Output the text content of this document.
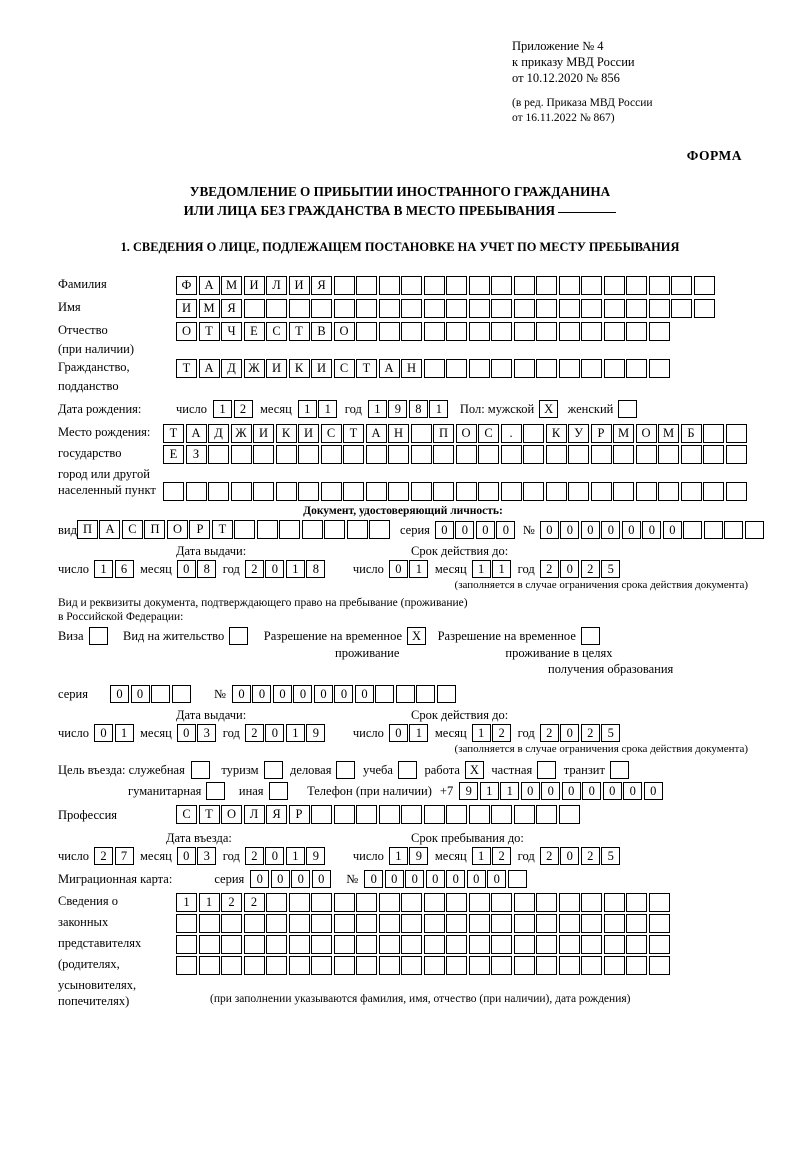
Приложение № 4
к приказу МВД России
от 10.12.2020 № 856
(в ред. Приказа МВД России
от 16.11.2022 № 867)
ФОРМА
УВЕДОМЛЕНИЕ О ПРИБЫТИИ ИНОСТРАННОГО ГРАЖДАНИНА
ИЛИ ЛИЦА БЕЗ ГРАЖДАНСТВА В МЕСТО ПРЕБЫВАНИЯ
1. СВЕДЕНИЯ О ЛИЦЕ, ПОДЛЕЖАЩЕМ ПОСТАНОВКЕ НА УЧЕТ ПО МЕСТУ ПРЕБЫВАНИЯ
Фамилия	Ф	А М И	Л	И	Я
Имя	И М	Я
Отчество	О	Т	Ч	Е	С	Т	В	О
(при наличии)
Гражданство,	Т	А	Д	Ж И	К	И	С	Т	А	Н
подданство
Дата рождения:	число 1	2	месяц 1	1	год 1	9	8	1	Пол: мужской X	женский
Место рождения:	Т	А	Д	Ж И	К	И	С	Т	А	Н	П	О	С	.	К	У	Р	М О М	Б
государство	Е	З
город или другой
населенный пункт
Документ, удостоверяющий личность:
вид П	А	С	П	О	Р	Т	серия 0	0	0	0	№ 0	0	0	0	0	0	0
Дата выдачи:	Срок действия до:
число 1	6	месяц 0	8	год 2	0	1	8	число 0	1	месяц 1	1	год 2	0	2	5
(заполняется в случае ограничения срока действия документа)
Вид и реквизиты документа, подтверждающего право на пребывание (проживание)
в Российской Федерации:
Виза	Вид на жительство	Разрешение на временное X	Разрешение на временное
проживание	проживание в целях
получения образования
серия	0	0	№ 0	0	0	0	0	0	0
Дата выдачи:	Срок действия до:
число 0	1	месяц 0	3	год 2	0	1	9	число 0	1	месяц 1	2	год 2	0	2	5
(заполняется в случае ограничения срока действия документа)
Цель въезда: служебная	туризм	деловая	учеба	работа X частная	транзит
гуманитарная	иная	Телефон (при наличии) +7 9	1	1	0	0	0	0	0	0	0
Профессия	С	Т	О	Л	Я	Р
Дата въезда:	Срок пребывания до:
число 2	7	месяц 0	3	год 2	0	1	9	число 1	9	месяц 1	2	год 2	0	2	5
Миграционная карта:	серия 0	0	0	0	№ 0	0	0	0	0	0	0
Сведения о	1	1	2	2
законных
представителях
(родителях,
усыновителях,
попечителях)	(при заполнении указываются фамилия, имя, отчество (при наличии), дата рождения)
